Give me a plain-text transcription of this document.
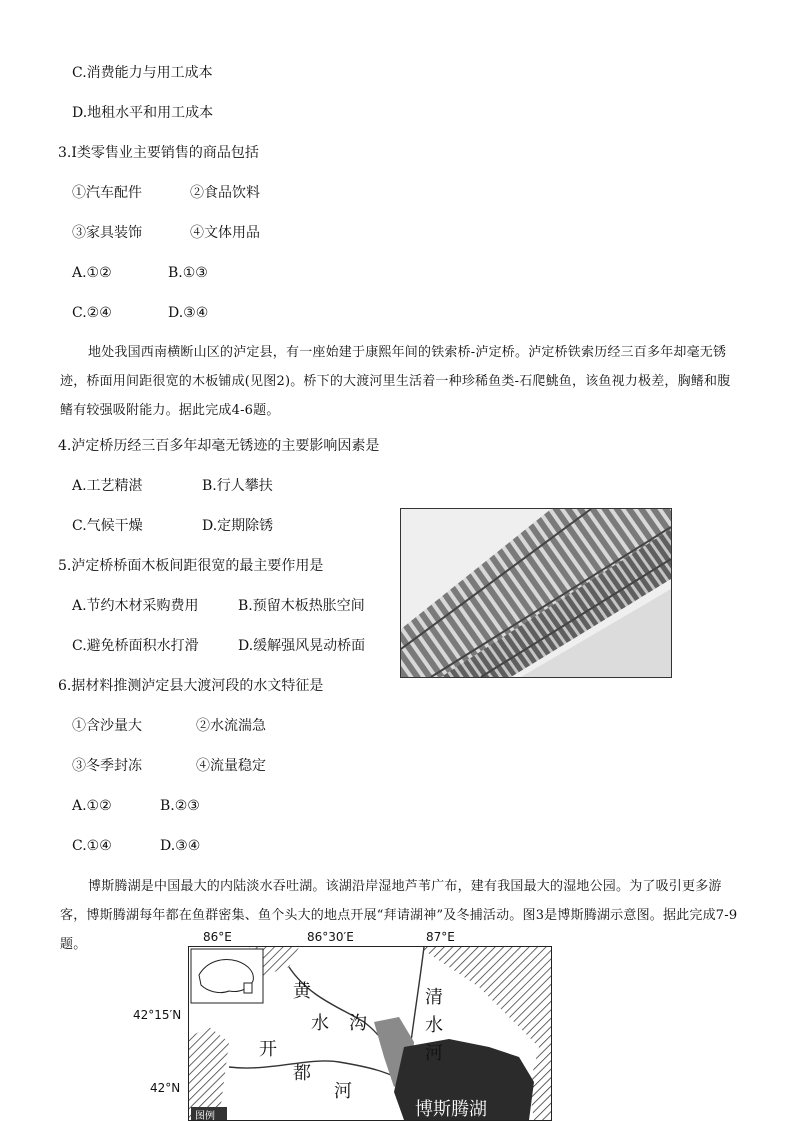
C.消费能力与用工成本
D.地租水平和用工成本
3.Ⅰ类零售业主要销售的商品包括
①汽车配件	②食品饮料
③家具装饰	④文体用品
A.①②	B.①③
C.②④	D.③④
地处我国西南横断山区的泸定县，有一座始建于康熙年间的铁索桥-泸定桥。泸定桥铁索历经三百多年却毫无锈迹，桥面用间距很宽的木板铺成(见图2)。桥下的大渡河里生活着一种珍稀鱼类-石爬鮡鱼，该鱼视力极差，胸鳍和腹鳍有较强吸附能力。据此完成4-6题。
4.泸定桥历经三百多年却毫无锈迹的主要影响因素是
A.工艺精湛	B.行人攀扶
C.气候干燥	D.定期除锈
5.泸定桥桥面木板间距很宽的最主要作用是
A.节约木材采购费用	B.预留木板热胀空间
C.避免桥面积水打滑	D.缓解强风晃动桥面
6.据材料推测泸定县大渡河段的水文特征是
①含沙量大	②水流湍急
③冬季封冻	④流量稳定
A.①②	B.②③
C.①④	D.③④
博斯腾湖是中国最大的内陆淡水吞吐湖。该湖沿岸湿地芦苇广布，建有我国最大的湿地公园。为了吸引更多游客，博斯腾湖每年都在鱼群密集、鱼个头大的地点开展“拜请湖神”及冬捕活动。图3是博斯腾湖示意图。据此完成7-9题。	86°E	86°30′E	87°E
42°15′N
42°N
黄
水 沟
清
水
河
开
都
河
博斯腾湖
图例
